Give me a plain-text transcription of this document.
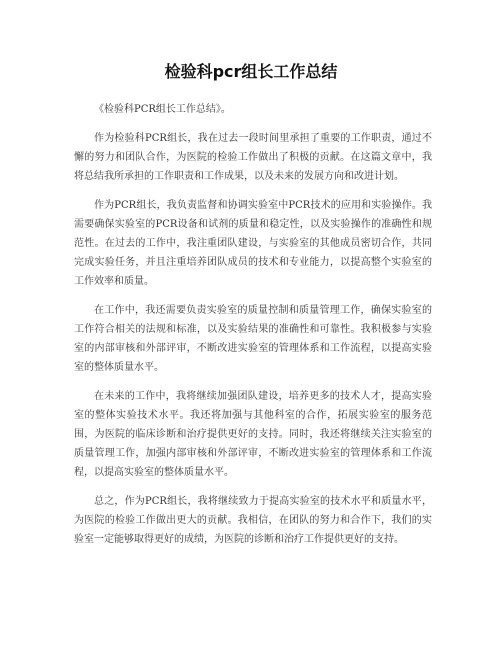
检验科pcr组长工作总结

《检验科PCR组长工作总结》。

作为检验科PCR组长，我在过去一段时间里承担了重要的工作职责，通过不懈的努力和团队合作，为医院的检验工作做出了积极的贡献。在这篇文章中，我将总结我所承担的工作职责和工作成果，以及未来的发展方向和改进计划。

作为PCR组长，我负责监督和协调实验室中PCR技术的应用和实验操作。我需要确保实验室的PCR设备和试剂的质量和稳定性，以及实验操作的准确性和规范性。在过去的工作中，我注重团队建设，与实验室的其他成员密切合作，共同完成实验任务，并且注重培养团队成员的技术和专业能力，以提高整个实验室的工作效率和质量。

在工作中，我还需要负责实验室的质量控制和质量管理工作，确保实验室的工作符合相关的法规和标准，以及实验结果的准确性和可靠性。我积极参与实验室的内部审核和外部评审，不断改进实验室的管理体系和工作流程，以提高实验室的整体质量水平。

在未来的工作中，我将继续加强团队建设，培养更多的技术人才，提高实验室的整体实验技术水平。我还将加强与其他科室的合作，拓展实验室的服务范围，为医院的临床诊断和治疗提供更好的支持。同时，我还将继续关注实验室的质量管理工作，加强内部审核和外部评审，不断改进实验室的管理体系和工作流程，以提高实验室的整体质量水平。

总之，作为PCR组长，我将继续致力于提高实验室的技术水平和质量水平，为医院的检验工作做出更大的贡献。我相信，在团队的努力和合作下，我们的实验室一定能够取得更好的成绩，为医院的诊断和治疗工作提供更好的支持。
